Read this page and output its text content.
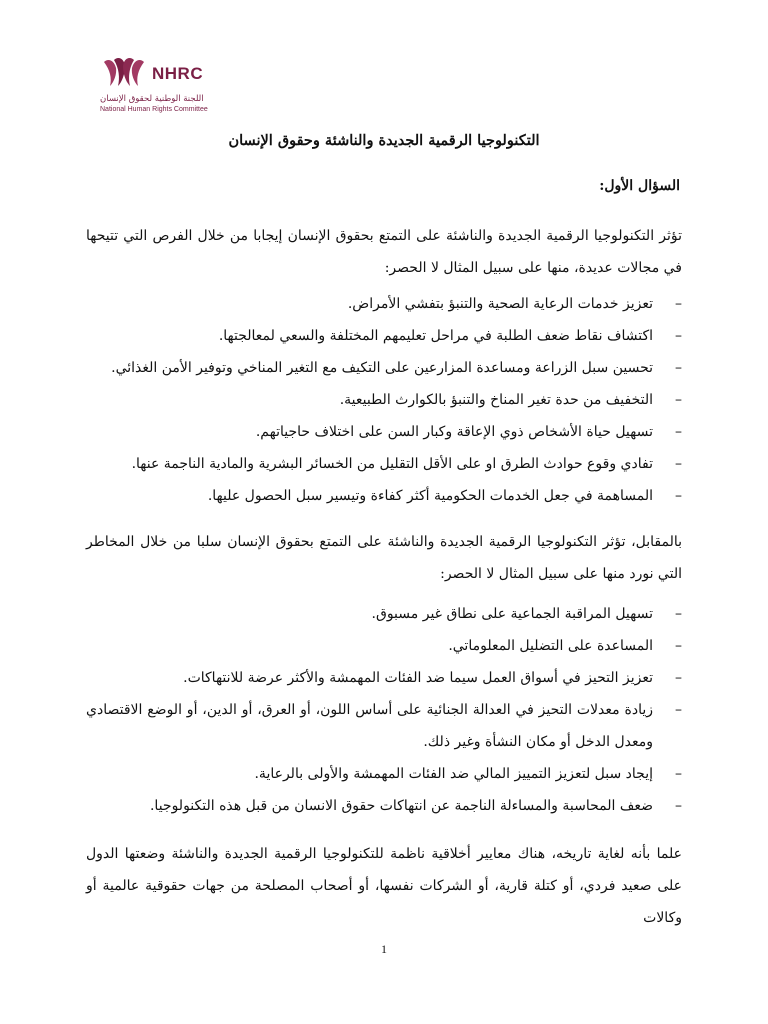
NHRC
اللجنة الوطنية لحقوق الإنسان
National Human Rights Committee
التكنولوجيا الرقمية الجديدة والناشئة وحقوق الإنسان
السؤال الأول:
تؤثر التكنولوجيا الرقمية الجديدة والناشئة على التمتع بحقوق الإنسان إيجابا من خلال الفرص التي تتيحها في مجالات عديدة، منها على سبيل المثال لا الحصر:
–
تعزيز خدمات الرعاية الصحية والتنبؤ بتفشي الأمراض.
–
اكتشاف نقاط ضعف الطلبة في مراحل تعليمهم المختلفة والسعي لمعالجتها.
–
تحسين سبل الزراعة ومساعدة المزارعين على التكيف مع التغير المناخي وتوفير الأمن الغذائي.
–
التخفيف من حدة تغير المناخ والتنبؤ بالكوارث الطبيعية.
–
تسهيل حياة الأشخاص ذوي الإعاقة وكبار السن على اختلاف حاجياتهم.
–
تفادي وقوع حوادث الطرق او على الأقل التقليل من الخسائر البشرية والمادية الناجمة عنها.
–
المساهمة في جعل الخدمات الحكومية أكثر كفاءة وتيسير سبل الحصول عليها.
بالمقابل، تؤثر التكنولوجيا الرقمية الجديدة والناشئة على التمتع بحقوق الإنسان سلبا من خلال المخاطر التي نورد منها على سبيل المثال لا الحصر:
–
تسهيل المراقبة الجماعية على نطاق غير مسبوق.
–
المساعدة على التضليل المعلوماتي.
–
تعزيز التحيز في أسواق العمل سيما ضد الفئات المهمشة والأكثر عرضة للانتهاكات.
–
زيادة معدلات التحيز في العدالة الجنائية على أساس اللون، أو العرق، أو الدين، أو الوضع الاقتصادي ومعدل الدخل أو مكان النشأة وغير ذلك.
–
إيجاد سبل لتعزيز التمييز المالي ضد الفئات المهمشة والأولى بالرعاية.
–
ضعف المحاسبة والمساءلة الناجمة عن انتهاكات حقوق الانسان من قبل هذه التكنولوجيا.
علما بأنه لغاية تاريخه، هناك معايير أخلاقية ناظمة للتكنولوجيا الرقمية الجديدة والناشئة وضعتها الدول على صعيد فردي، أو كتلة قارية، أو الشركات نفسها، أو أصحاب المصلحة من جهات حقوقية عالمية أو وكالات
1
